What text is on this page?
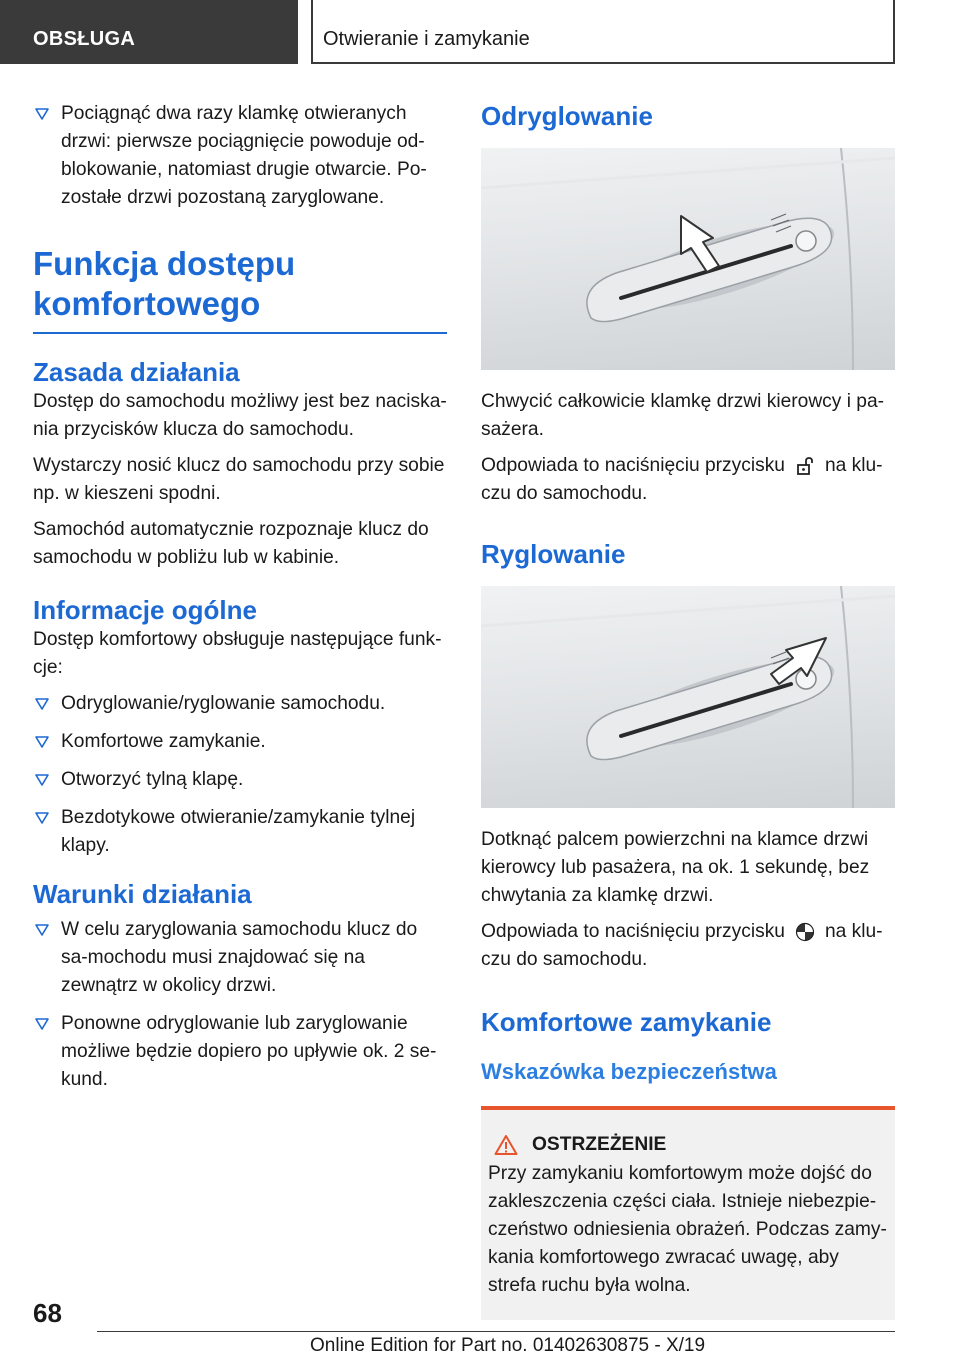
OBSŁUGA	Otwieranie i zamykanie
Pociągnąć dwa razy klamkę otwieranych drzwi: pierwsze pociągnięcie powoduje od-blokowanie, natomiast drugie otwarcie. Po-zostałe drzwi pozostaną zaryglowane.
Funkcja dostępu komfortowego
Zasada działania

Dostęp do samochodu możliwy jest bez naciska-nia przycisków klucza do samochodu.

Wystarczy nosić klucz do samochodu przy sobie np. w kieszeni spodni.

Samochód automatycznie rozpoznaje klucz do samochodu w pobliżu lub w kabinie.

Informacje ogólne

Dostęp komfortowy obsługuje następujące funk-cje:

Odryglowanie/ryglowanie samochodu.
Komfortowe zamykanie.
Otworzyć tylną klapę.
Bezdotykowe otwieranie/zamykanie tylnej klapy.
Warunki działania
W celu zaryglowania samochodu klucz do sa-mochodu musi znajdować się na zewnątrz w okolicy drzwi.
Ponowne odryglowanie lub zaryglowanie możliwe będzie dopiero po upływie ok. 2 se-kund.
Odryglowanie

Chwycić całkowicie klamkę drzwi kierowcy i pa-sażera.

Odpowiada to naciśnięciu przycisku na klu-czu do samochodu.

Ryglowanie

Dotknąć palcem powierzchni na klamce drzwi kierowcy lub pasażera, na ok. 1 sekundę, bez chwytania za klamkę drzwi.

Odpowiada to naciśnięciu przycisku na klu-czu do samochodu.

Komfortowe zamykanie
Wskazówka bezpieczeństwa
OSTRZEŻENIE

Przy zamykaniu komfortowym może dojść do zakleszczenia części ciała. Istnieje niebezpie-czeństwo odniesienia obrażeń. Podczas zamy-kania komfortowego zwracać uwagę, aby strefa ruchu była wolna.

68
Online Edition for Part no. 01402630875 - X/19
